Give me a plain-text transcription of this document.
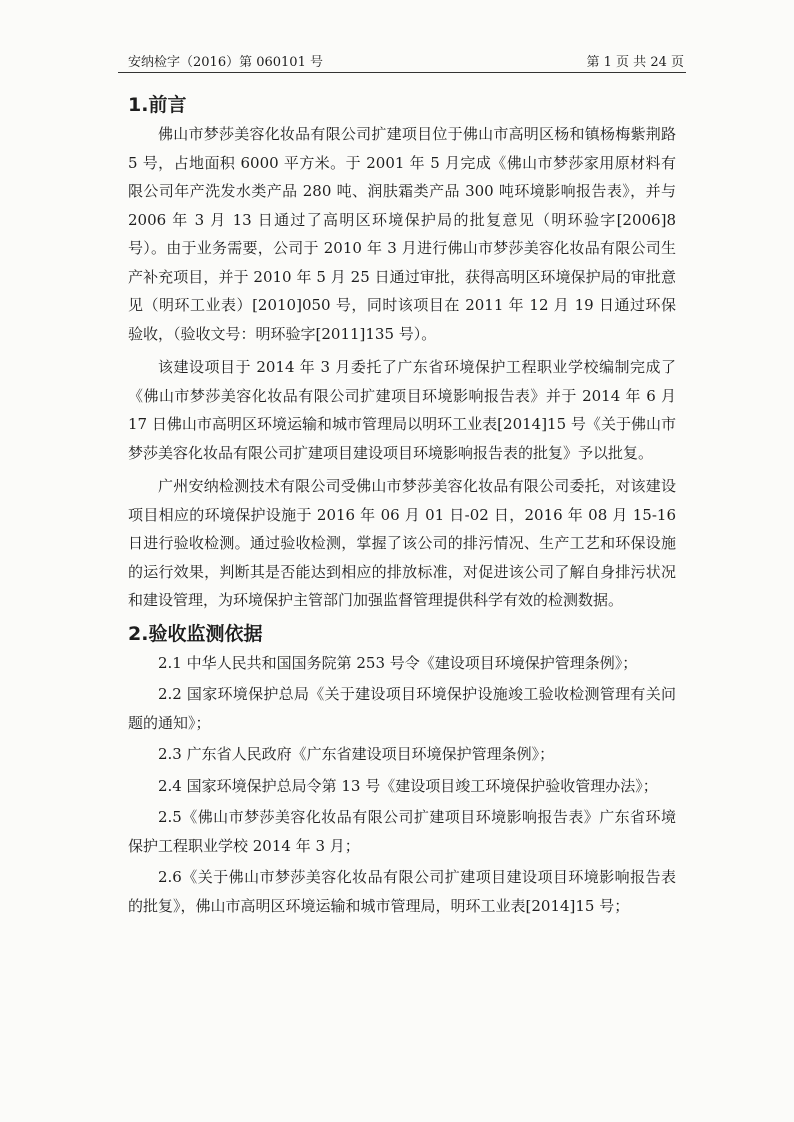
安纳检字（2016）第 060101 号	第 1 页 共 24 页
1.前言

佛山市梦莎美容化妆品有限公司扩建项目位于佛山市高明区杨和镇杨梅紫荆路 5 号，占地面积 6000 平方米。于 2001 年 5 月完成《佛山市梦莎家用原材料有限公司年产洗发水类产品 280 吨、润肤霜类产品 300 吨环境影响报告表》，并与 2006 年 3 月 13 日通过了高明区环境保护局的批复意见（明环验字[2006]8 号）。由于业务需要，公司于 2010 年 3 月进行佛山市梦莎美容化妆品有限公司生产补充项目，并于 2010 年 5 月 25 日通过审批，获得高明区环境保护局的审批意见（明环工业表）[2010]050 号，同时该项目在 2011 年 12 月 19 日通过环保验收，（验收文号：明环验字[2011]135 号）。

该建设项目于 2014 年 3 月委托了广东省环境保护工程职业学校编制完成了《佛山市梦莎美容化妆品有限公司扩建项目环境影响报告表》并于 2014 年 6 月 17 日佛山市高明区环境运输和城市管理局以明环工业表[2014]15 号《关于佛山市梦莎美容化妆品有限公司扩建项目建设项目环境影响报告表的批复》予以批复。

广州安纳检测技术有限公司受佛山市梦莎美容化妆品有限公司委托，对该建设项目相应的环境保护设施于 2016 年 06 月 01 日-02 日，2016 年 08 月 15-16 日进行验收检测。通过验收检测，掌握了该公司的排污情况、生产工艺和环保设施的运行效果，判断其是否能达到相应的排放标准，对促进该公司了解自身排污状况和建设管理，为环境保护主管部门加强监督管理提供科学有效的检测数据。

2.验收监测依据

2.1 中华人民共和国国务院第 253 号令《建设项目环境保护管理条例》；

2.2 国家环境保护总局《关于建设项目环境保护设施竣工验收检测管理有关问题的通知》；

2.3 广东省人民政府《广东省建设项目环境保护管理条例》；

2.4 国家环境保护总局令第 13 号《建设项目竣工环境保护验收管理办法》；

2.5《佛山市梦莎美容化妆品有限公司扩建项目环境影响报告表》广东省环境保护工程职业学校 2014 年 3 月；

2.6《关于佛山市梦莎美容化妆品有限公司扩建项目建设项目环境影响报告表的批复》，佛山市高明区环境运输和城市管理局，明环工业表[2014]15 号；
